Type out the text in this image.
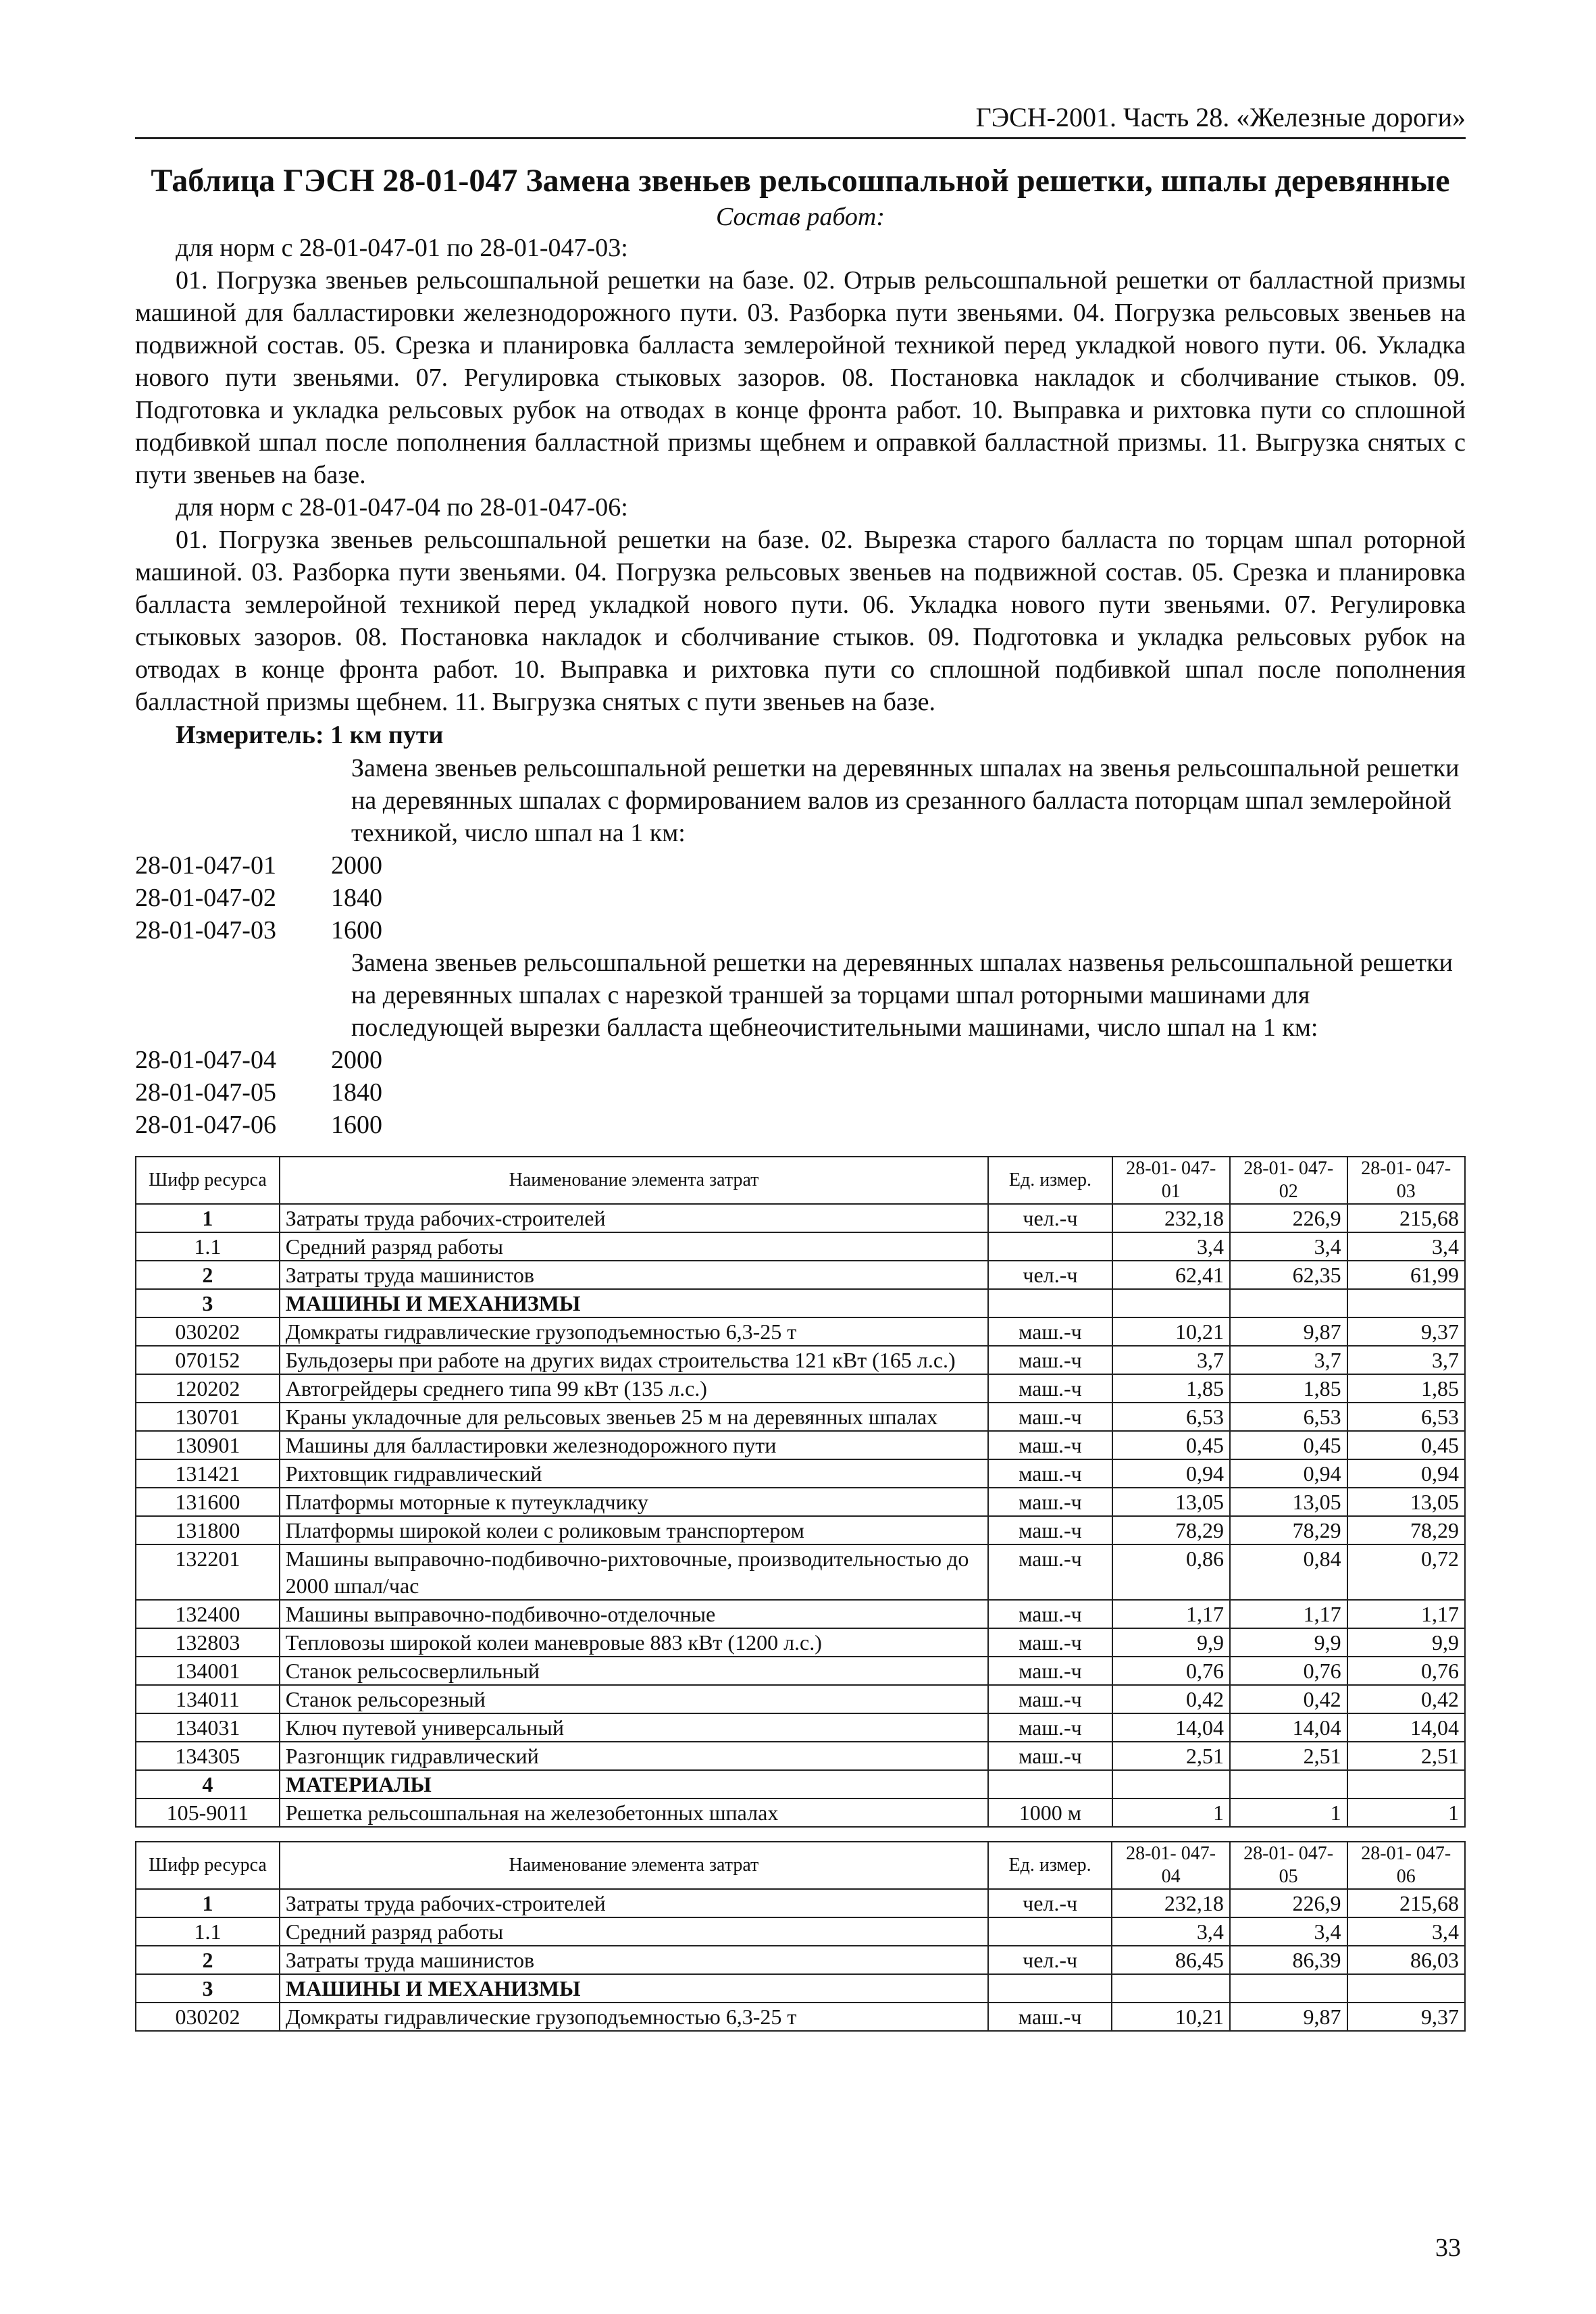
ГЭСН-2001. Часть 28. «Железные дороги»
Таблица ГЭСН 28-01-047 Замена звеньев рельсошпальной решетки, шпалы деревянные
Состав работ:
для норм с 28-01-047-01 по 28-01-047-03:
01. Погрузка звеньев рельсошпальной решетки на базе. 02. Отрыв рельсошпальной решетки от балластной призмы машиной для балластировки железнодорожного пути. 03. Разборка пути звеньями. 04. Погрузка рельсовых звеньев на подвижной состав. 05. Срезка и планировка балласта землеройной техникой перед укладкой нового пути. 06. Укладка нового пути звеньями. 07. Регулировка стыковых зазоров. 08. Постановка накладок и сболчивание стыков. 09. Подготовка и укладка рельсовых рубок на отводах в конце фронта работ. 10. Выправка и рихтовка пути со сплошной подбивкой шпал после пополнения балластной призмы щебнем и оправкой балластной призмы. 11. Выгрузка снятых с пути звеньев на базе.
для норм с 28-01-047-04 по 28-01-047-06:
01. Погрузка звеньев рельсошпальной решетки на базе. 02. Вырезка старого балласта по торцам шпал роторной машиной. 03. Разборка пути звеньями. 04. Погрузка рельсовых звеньев на подвижной состав. 05. Срезка и планировка балласта землеройной техникой перед укладкой нового пути. 06. Укладка нового пути звеньями. 07. Регулировка стыковых зазоров. 08. Постановка накладок и сболчивание стыков. 09. Подготовка и укладка рельсовых рубок на отводах в конце фронта работ. 10. Выправка и рихтовка пути со сплошной подбивкой шпал после пополнения балластной призмы щебнем. 11. Выгрузка снятых с пути звеньев на базе.
Измеритель: 1 км пути
Замена звеньев рельсошпальной решетки на деревянных шпалах на звенья рельсошпальной решетки на деревянных шпалах с формированием валов из срезанного балласта поторцам шпал землеройной техникой, число шпал на 1 км:
28-01-047-01	2000
28-01-047-02	1840
28-01-047-03	1600
Замена звеньев рельсошпальной решетки на деревянных шпалах назвенья рельсошпальной решетки на деревянных шпалах с нарезкой траншей за торцами шпал роторными машинами для последующей вырезки балласта щебнеочистительными машинами, число шпал на 1 км:
28-01-047-04	2000
28-01-047-05	1840
28-01-047-06	1600
Шифр ресурса	Наименование элемента затрат	Ед. измер.	28-01- 047-01	28-01- 047-02	28-01- 047-03
1	Затраты труда рабочих-строителей	чел.-ч	232,18	226,9	215,68
1.1	Средний разряд работы		3,4	3,4	3,4
2	Затраты труда машинистов	чел.-ч	62,41	62,35	61,99
3	МАШИНЫ И МЕХАНИЗМЫ				
030202	Домкраты гидравлические грузоподъемностью 6,3-25 т	маш.-ч	10,21	9,87	9,37
070152	Бульдозеры при работе на других видах строительства 121 кВт (165 л.с.)	маш.-ч	3,7	3,7	3,7
120202	Автогрейдеры среднего типа 99 кВт (135 л.с.)	маш.-ч	1,85	1,85	1,85
130701	Краны укладочные для рельсовых звеньев 25 м на деревянных шпалах	маш.-ч	6,53	6,53	6,53
130901	Машины для балластировки железнодорожного пути	маш.-ч	0,45	0,45	0,45
131421	Рихтовщик гидравлический	маш.-ч	0,94	0,94	0,94
131600	Платформы моторные к путеукладчику	маш.-ч	13,05	13,05	13,05
131800	Платформы широкой колеи с роликовым транспортером	маш.-ч	78,29	78,29	78,29
132201	Машины выправочно-подбивочно-рихтовочные, производительностью до 2000 шпал/час	маш.-ч	0,86	0,84	0,72
132400	Машины выправочно-подбивочно-отделочные	маш.-ч	1,17	1,17	1,17
132803	Тепловозы широкой колеи маневровые 883 кВт (1200 л.с.)	маш.-ч	9,9	9,9	9,9
134001	Станок рельсосверлильный	маш.-ч	0,76	0,76	0,76
134011	Станок рельсорезный	маш.-ч	0,42	0,42	0,42
134031	Ключ путевой универсальный	маш.-ч	14,04	14,04	14,04
134305	Разгонщик гидравлический	маш.-ч	2,51	2,51	2,51
4	МАТЕРИАЛЫ				
105-9011	Решетка рельсошпальная на железобетонных шпалах	1000 м	1	1	1
Шифр ресурса	Наименование элемента затрат	Ед. измер.	28-01- 047-04	28-01- 047-05	28-01- 047-06
1	Затраты труда рабочих-строителей	чел.-ч	232,18	226,9	215,68
1.1	Средний разряд работы		3,4	3,4	3,4
2	Затраты труда машинистов	чел.-ч	86,45	86,39	86,03
3	МАШИНЫ И МЕХАНИЗМЫ				
030202	Домкраты гидравлические грузоподъемностью 6,3-25 т	маш.-ч	10,21	9,87	9,37
33
